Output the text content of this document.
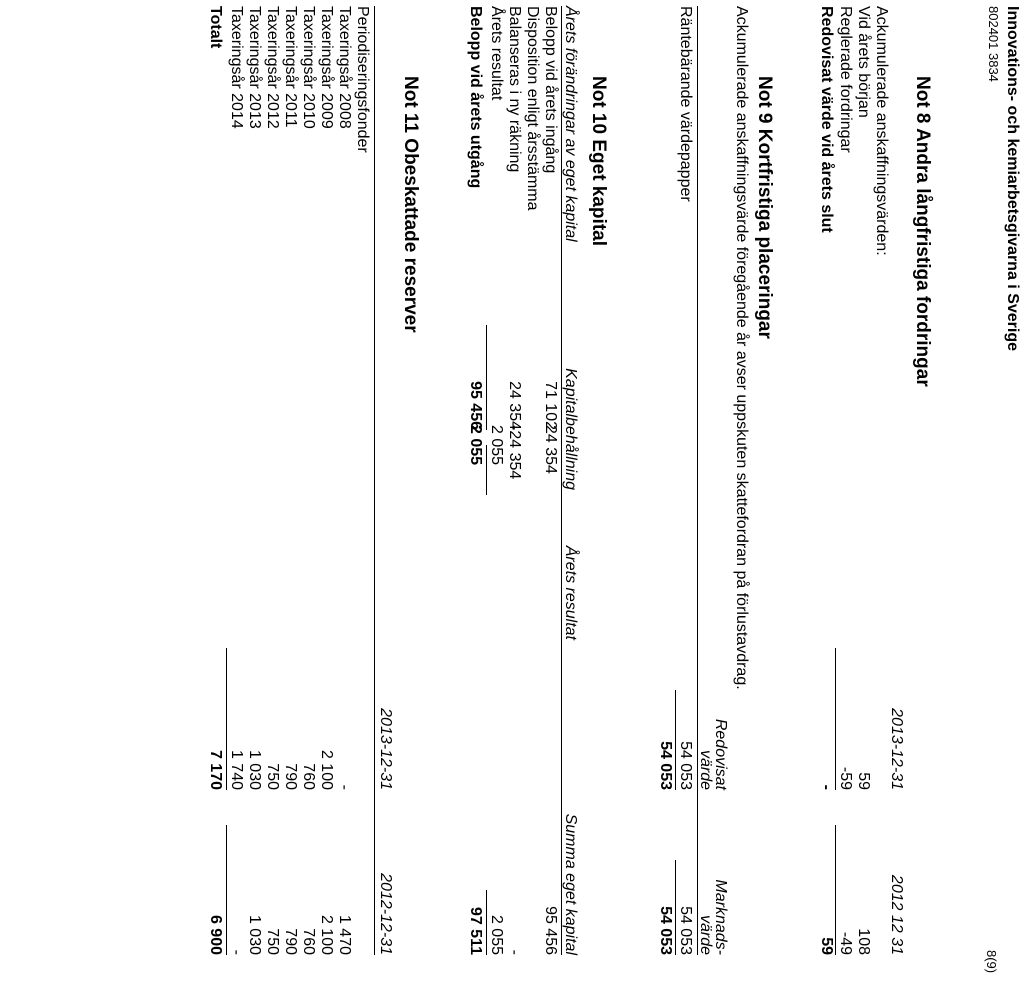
Innovations- och kemiarbetsgivarna i Sverige
802401 3834
8(9)
Not 8 Andra långfristiga fordringar
2013-12-31
2012 12 31
Ackumulerade anskaffningsvärden:
Vid årets början
59
108
Reglerade fordringar
-59
-49
Redovisat värde vid årets slut
-
59
Not 9 Kortfristiga placeringar
Ackumulerade anskaffningsvärde föregående år avser uppskuten skattefordran på förlustavdrag.
Redovisat
Marknads-
värde
värde
Räntebärande värdepapper
54 053
54 053
54 053
54 053
Not 10 Eget kapital
Kapitalbehållning
Årets resultat
Summa eget kapital
Årets förändringar av eget kapital
Belopp vid årets ingång
71 102
24 354
95 456
Disposition enligt årsstämma
Balanseras i ny räkning
24 354
-24 354
-
Årets resultat
2 055
2 055
Belopp vid årets utgång
95 456
2 055
97 511
Not 11 Obeskattade reserver
2013-12-31
2012-12-31
Periodiseringsfonder
Taxeringsår 2008
-
1 470
Taxeringsår 2009
2 100
2 100
Taxeringsår 2010
760
760
Taxeringsår 2011
790
790
Taxeringsår 2012
750
750
Taxeringsår 2013
1 030
1 030
Taxeringsår 2014
1 740
-
Totalt
7 170
6 900
